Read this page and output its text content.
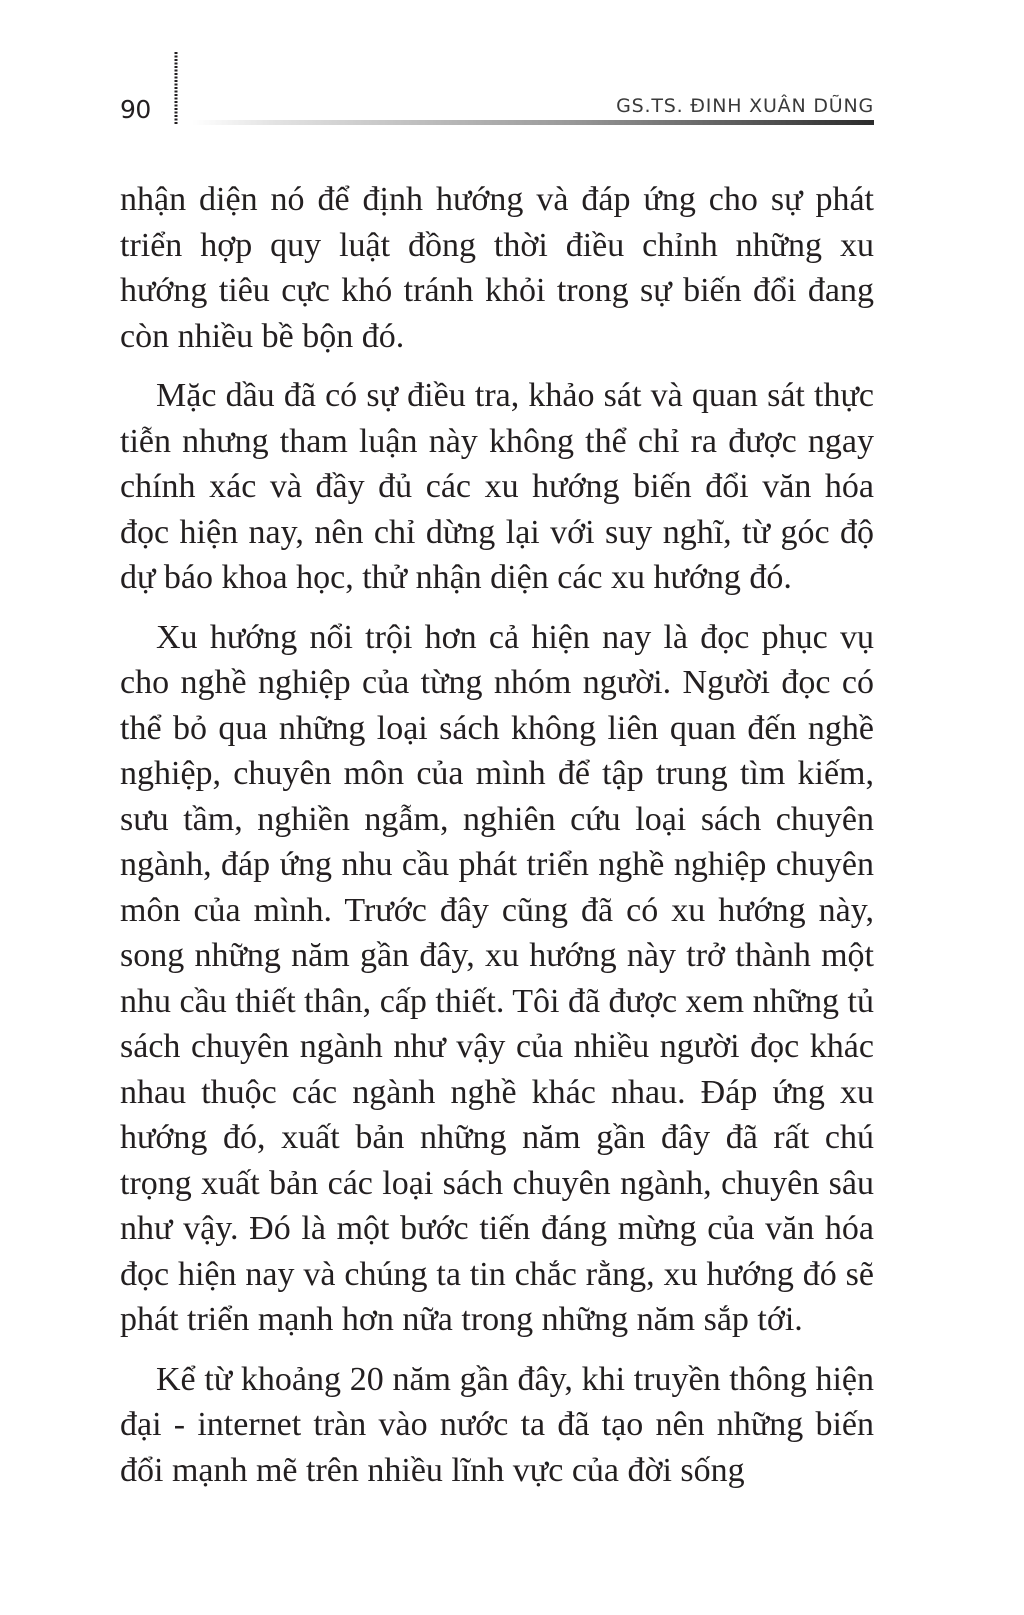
90	GS.TS. ĐINH XUÂN DŨNG

nhận diện nó để định hướng và đáp ứng cho sự phát triển hợp quy luật đồng thời điều chỉnh những xu hướng tiêu cực khó tránh khỏi trong sự biến đổi đang còn nhiều bề bộn đó.

Mặc dầu đã có sự điều tra, khảo sát và quan sát thực tiễn nhưng tham luận này không thể chỉ ra được ngay chính xác và đầy đủ các xu hướng biến đổi văn hóa đọc hiện nay, nên chỉ dừng lại với suy nghĩ, từ góc độ dự báo khoa học, thử nhận diện các xu hướng đó.

Xu hướng nổi trội hơn cả hiện nay là đọc phục vụ cho nghề nghiệp của từng nhóm người. Người đọc có thể bỏ qua những loại sách không liên quan đến nghề nghiệp, chuyên môn của mình để tập trung tìm kiếm, sưu tầm, nghiền ngẫm, nghiên cứu loại sách chuyên ngành, đáp ứng nhu cầu phát triển nghề nghiệp chuyên môn của mình. Trước đây cũng đã có xu hướng này, song những năm gần đây, xu hướng này trở thành một nhu cầu thiết thân, cấp thiết. Tôi đã được xem những tủ sách chuyên ngành như vậy của nhiều người đọc khác nhau thuộc các ngành nghề khác nhau. Đáp ứng xu hướng đó, xuất bản những năm gần đây đã rất chú trọng xuất bản các loại sách chuyên ngành, chuyên sâu như vậy. Đó là một bước tiến đáng mừng của văn hóa đọc hiện nay và chúng ta tin chắc rằng, xu hướng đó sẽ phát triển mạnh hơn nữa trong những năm sắp tới.

Kể từ khoảng 20 năm gần đây, khi truyền thông hiện đại - internet tràn vào nước ta đã tạo nên những biến đổi mạnh mẽ trên nhiều lĩnh vực của đời sống
